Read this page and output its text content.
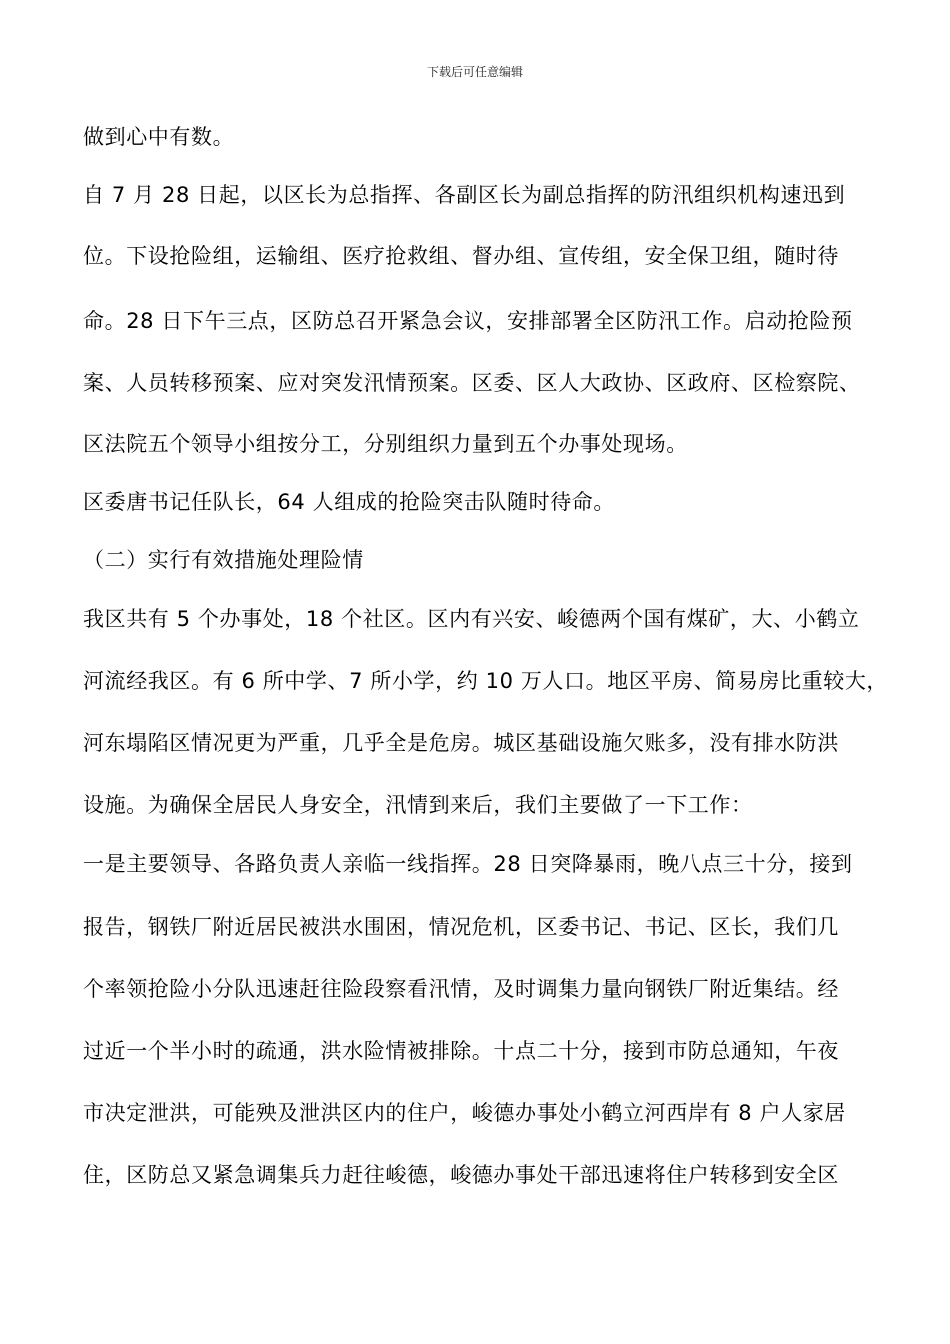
下载后可任意编辑
做到心中有数。
自 7 月 28 日起，以区长为总指挥、各副区长为副总指挥的防汛组织机构速迅到
位。下设抢险组，运输组、医疗抢救组、督办组、宣传组，安全保卫组，随时待
命。28 日下午三点，区防总召开紧急会议，安排部署全区防汛工作。启动抢险预
案、人员转移预案、应对突发汛情预案。区委、区人大政协、区政府、区检察院、
区法院五个领导小组按分工，分别组织力量到五个办事处现场。
区委唐书记任队长，64 人组成的抢险突击队随时待命。
（二）实行有效措施处理险情
我区共有 5 个办事处，18 个社区。区内有兴安、峻德两个国有煤矿，大、小鹤立
河流经我区。有 6 所中学、7 所小学，约 10 万人口。地区平房、简易房比重较大，
河东塌陷区情况更为严重，几乎全是危房。城区基础设施欠账多，没有排水防洪
设施。为确保全居民人身安全，汛情到来后，我们主要做了一下工作：
一是主要领导、各路负责人亲临一线指挥。28 日突降暴雨，晚八点三十分，接到
报告，钢铁厂附近居民被洪水围困，情况危机，区委书记、书记、区长，我们几
个率领抢险小分队迅速赶往险段察看汛情，及时调集力量向钢铁厂附近集结。经
过近一个半小时的疏通，洪水险情被排除。十点二十分，接到市防总通知，午夜
市决定泄洪，可能殃及泄洪区内的住户，峻德办事处小鹤立河西岸有 8 户人家居
住，区防总又紧急调集兵力赶往峻德，峻德办事处干部迅速将住户转移到安全区
